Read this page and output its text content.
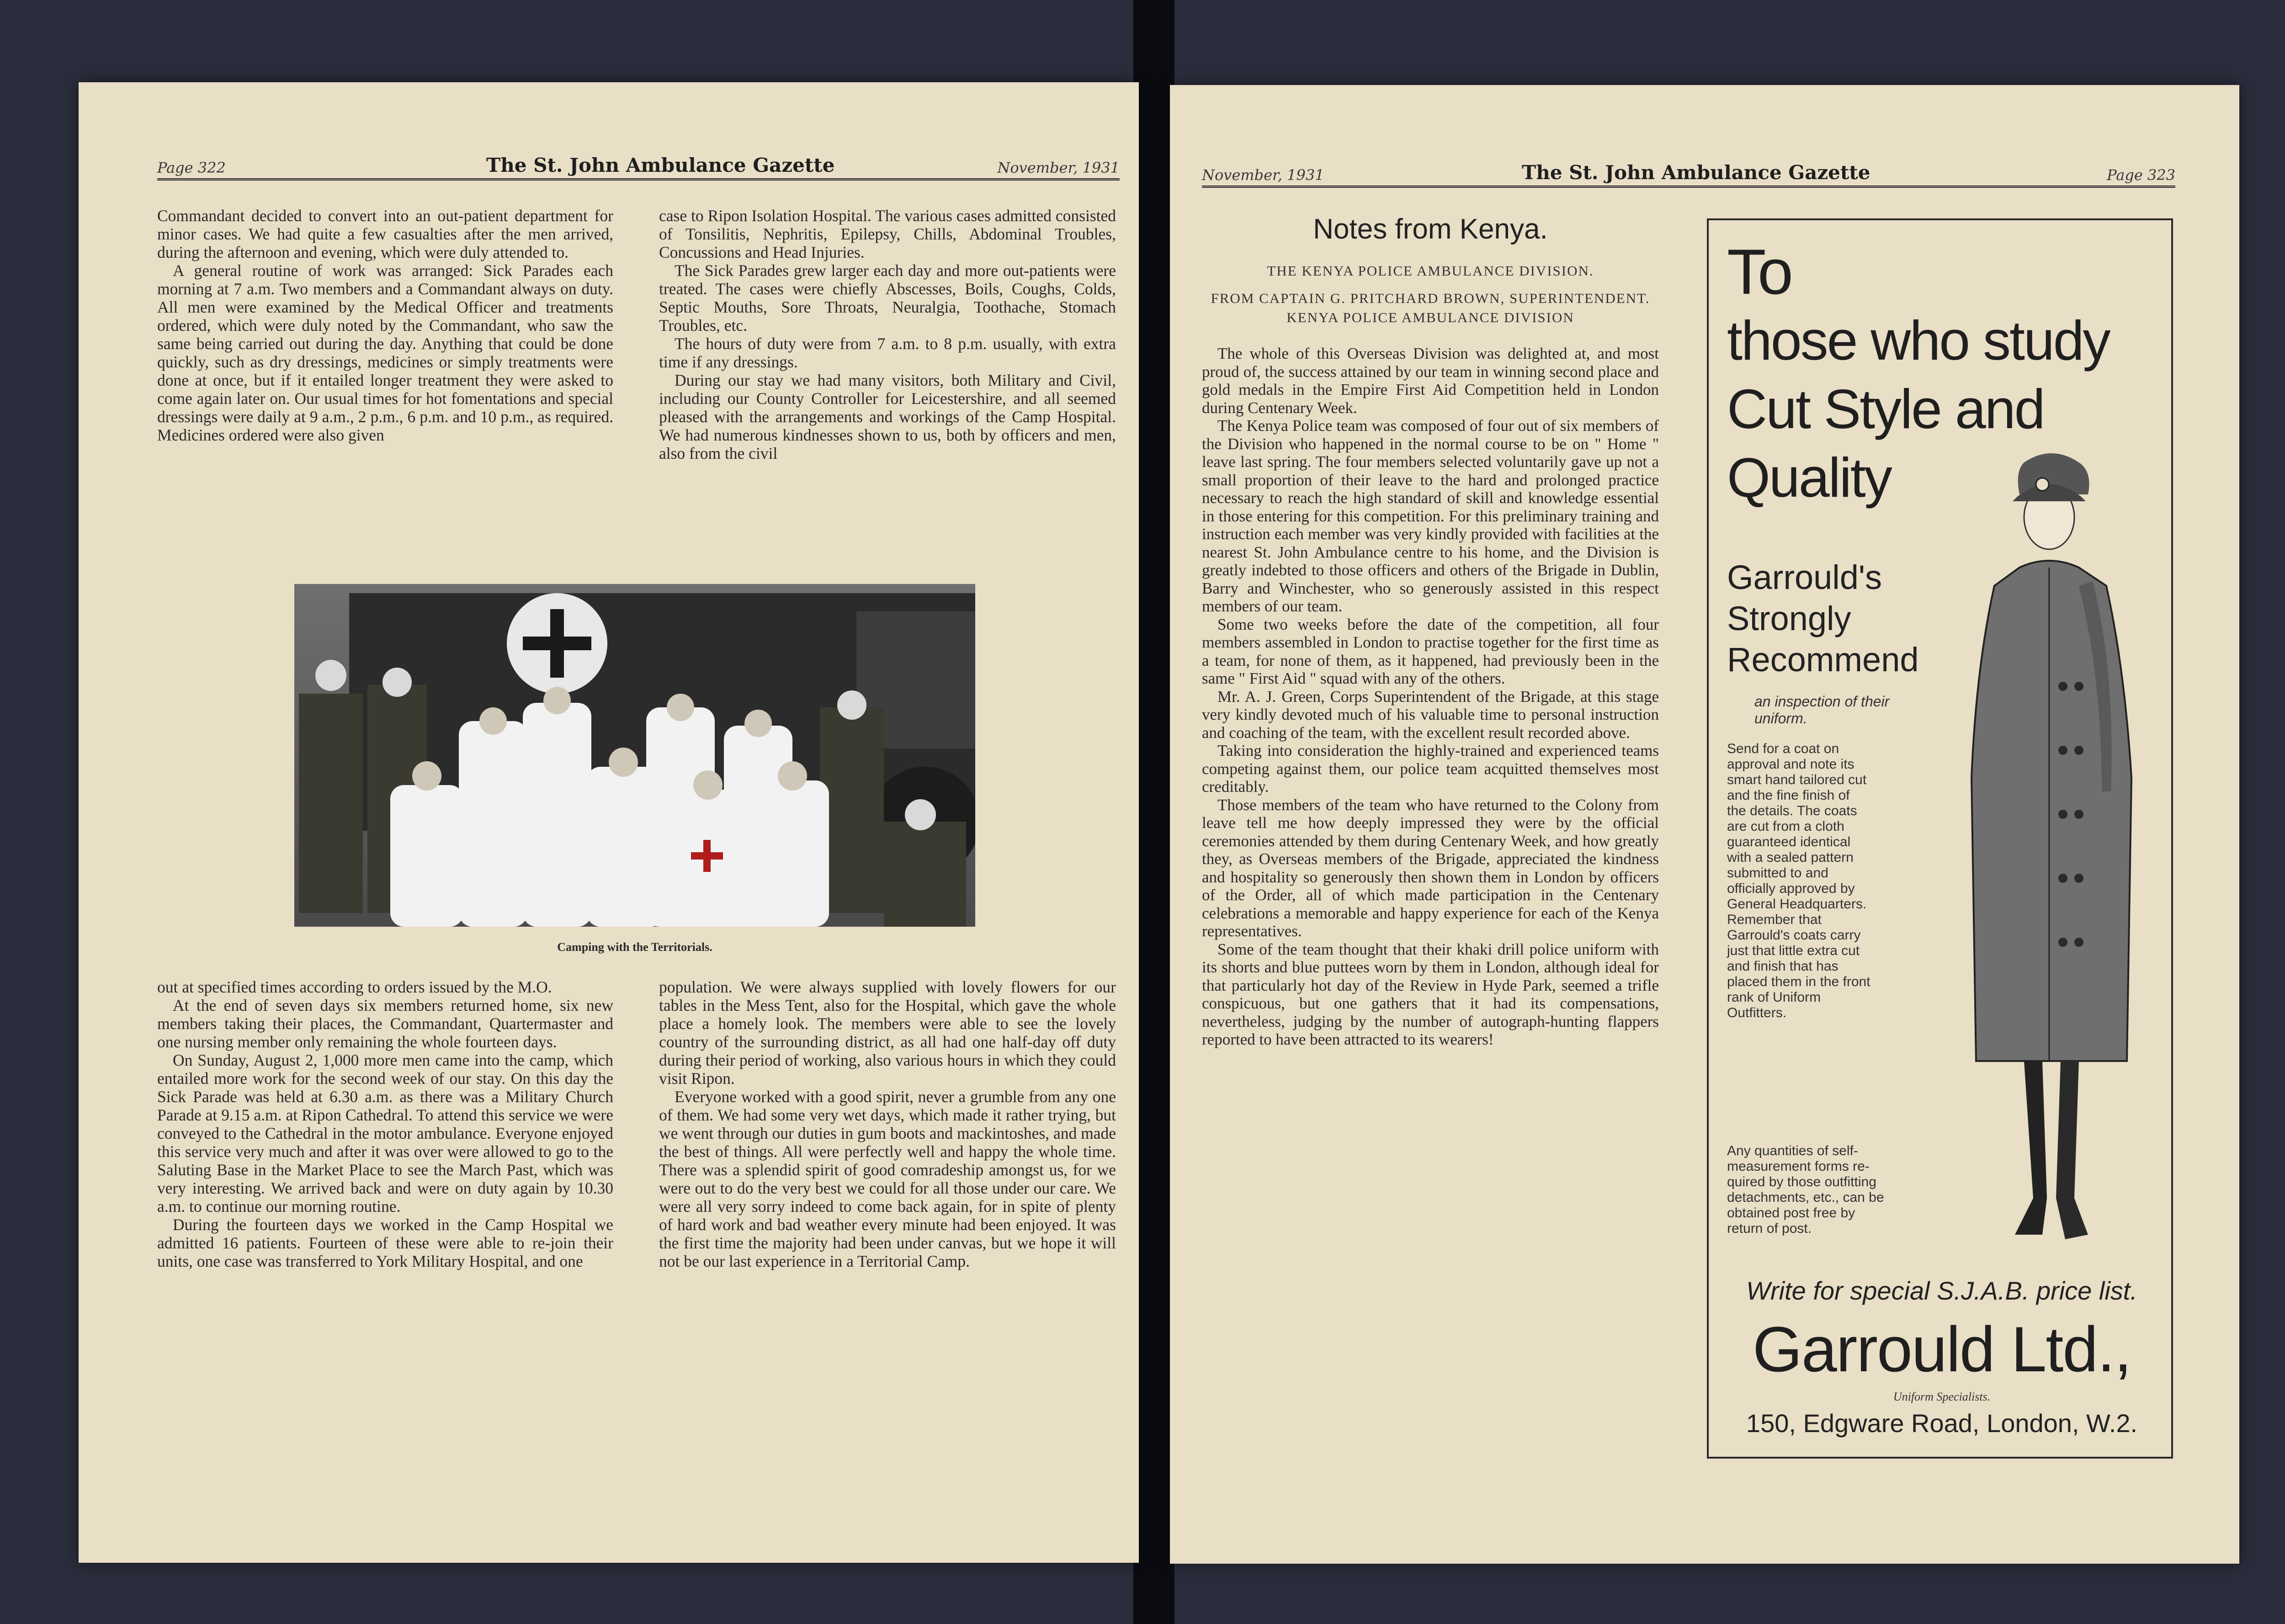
Page 322	The St. John Ambulance Gazette	November, 1931

Commandant decided to convert into an out-patient department for minor cases. We had quite a few casualties after the men arrived, during the afternoon and evening, which were duly attended to.

A general routine of work was arranged: Sick Parades each morning at 7 a.m. Two members and a Commandant always on duty. All men were examined by the Medical Officer and treatments ordered, which were duly noted by the Commandant, who saw the same being carried out during the day. Anything that could be done quickly, such as dry dressings, medicines or simply treatments were done at once, but if it entailed longer treatment they were asked to come again later on. Our usual times for hot fomentations and special dressings were daily at 9 a.m., 2 p.m., 6 p.m. and 10 p.m., as required. Medicines ordered were also given

case to Ripon Isolation Hospital. The various cases admitted consisted of Tonsilitis, Nephritis, Epilepsy, Chills, Abdominal Troubles, Concussions and Head Injuries.

The Sick Parades grew larger each day and more out-patients were treated. The cases were chiefly Abscesses, Boils, Coughs, Colds, Septic Mouths, Sore Throats, Neuralgia, Toothache, Stomach Troubles, etc.

The hours of duty were from 7 a.m. to 8 p.m. usually, with extra time if any dressings.

During our stay we had many visitors, both Military and Civil, including our County Controller for Leicestershire, and all seemed pleased with the arrangements and workings of the Camp Hospital. We had numerous kindnesses shown to us, both by officers and men, also from the civil

Camping with the Territorials.

out at specified times according to orders issued by the M.O.

At the end of seven days six members returned home, six new members taking their places, the Commandant, Quartermaster and one nursing member only remaining the whole fourteen days.

On Sunday, August 2, 1,000 more men came into the camp, which entailed more work for the second week of our stay. On this day the Sick Parade was held at 6.30 a.m. as there was a Military Church Parade at 9.15 a.m. at Ripon Cathedral. To attend this service we were conveyed to the Cathedral in the motor ambulance. Everyone enjoyed this service very much and after it was over were allowed to go to the Saluting Base in the Market Place to see the March Past, which was very interesting. We arrived back and were on duty again by 10.30 a.m. to continue our morning routine.

During the fourteen days we worked in the Camp Hospital we admitted 16 patients. Fourteen of these were able to re-join their units, one case was transferred to York Military Hospital, and one

population. We were always supplied with lovely flowers for our tables in the Mess Tent, also for the Hospital, which gave the whole place a homely look. The members were able to see the lovely country of the surrounding district, as all had one half-day off duty during their period of working, also various hours in which they could visit Ripon.

Everyone worked with a good spirit, never a grumble from any one of them. We had some very wet days, which made it rather trying, but we went through our duties in gum boots and mackintoshes, and made the best of things. All were perfectly well and happy the whole time. There was a splendid spirit of good comradeship amongst us, for we were out to do the very best we could for all those under our care. We were all very sorry indeed to come back again, for in spite of plenty of hard work and bad weather every minute had been enjoyed. It was the first time the majority had been under canvas, but we hope it will not be our last experience in a Territorial Camp.

November, 1931	The St. John Ambulance Gazette	Page 323
Notes from Kenya.
THE KENYA POLICE AMBULANCE DIVISION.
FROM CAPTAIN G. PRITCHARD BROWN, SUPERINTENDENT. KENYA POLICE AMBULANCE DIVISION

The whole of this Overseas Division was delighted at, and most proud of, the success attained by our team in winning second place and gold medals in the Empire First Aid Competition held in London during Centenary Week.

The Kenya Police team was composed of four out of six members of the Division who happened in the normal course to be on " Home " leave last spring. The four members selected voluntarily gave up not a small proportion of their leave to the hard and prolonged practice necessary to reach the high standard of skill and knowledge essential in those entering for this competition. For this preliminary training and instruction each member was very kindly provided with facilities at the nearest St. John Ambulance centre to his home, and the Division is greatly indebted to those officers and others of the Brigade in Dublin, Barry and Winchester, who so generously assisted in this respect members of our team.

Some two weeks before the date of the competition, all four members assembled in London to practise together for the first time as a team, for none of them, as it happened, had previously been in the same " First Aid " squad with any of the others.

Mr. A. J. Green, Corps Superintendent of the Brigade, at this stage very kindly devoted much of his valuable time to personal instruction and coaching of the team, with the excellent result recorded above.

Taking into consideration the highly-trained and experienced teams competing against them, our police team acquitted themselves most creditably.

Those members of the team who have returned to the Colony from leave tell me how deeply impressed they were by the official ceremonies attended by them during Centenary Week, and how greatly they, as Overseas members of the Brigade, appreciated the kindness and hospitality so generously then shown them in London by officers of the Order, all of which made participation in the Centenary celebrations a memorable and happy experience for each of the Kenya representatives.

Some of the team thought that their khaki drill police uniform with its shorts and blue puttees worn by them in London, although ideal for that particularly hot day of the Review in Hyde Park, seemed a trifle conspicuous, but one gathers that it had its compensations, nevertheless, judging by the number of autograph-hunting flappers reported to have been attracted to its wearers!

To
those who study
Cut Style and
Quality
Garrould's
Strongly
Recommend
an inspection of their
uniform.
Send for a coat on
approval and note its
smart hand tailored cut
and the fine finish of
the details. The coats
are cut from a cloth
guaranteed identical
with a sealed pattern
submitted to and
officially approved by
General Headquarters.
Remember that
Garrould's coats carry
just that little extra cut
and finish that has
placed them in the front
rank of Uniform
Outfitters.
Any quantities of self-
measurement forms re-
quired by those outfitting
detachments, etc., can be
obtained post free by
return of post.
Write for special S.J.A.B. price list.
Garrould Ltd.,
Uniform Specialists.
150, Edgware Road, London, W.2.
